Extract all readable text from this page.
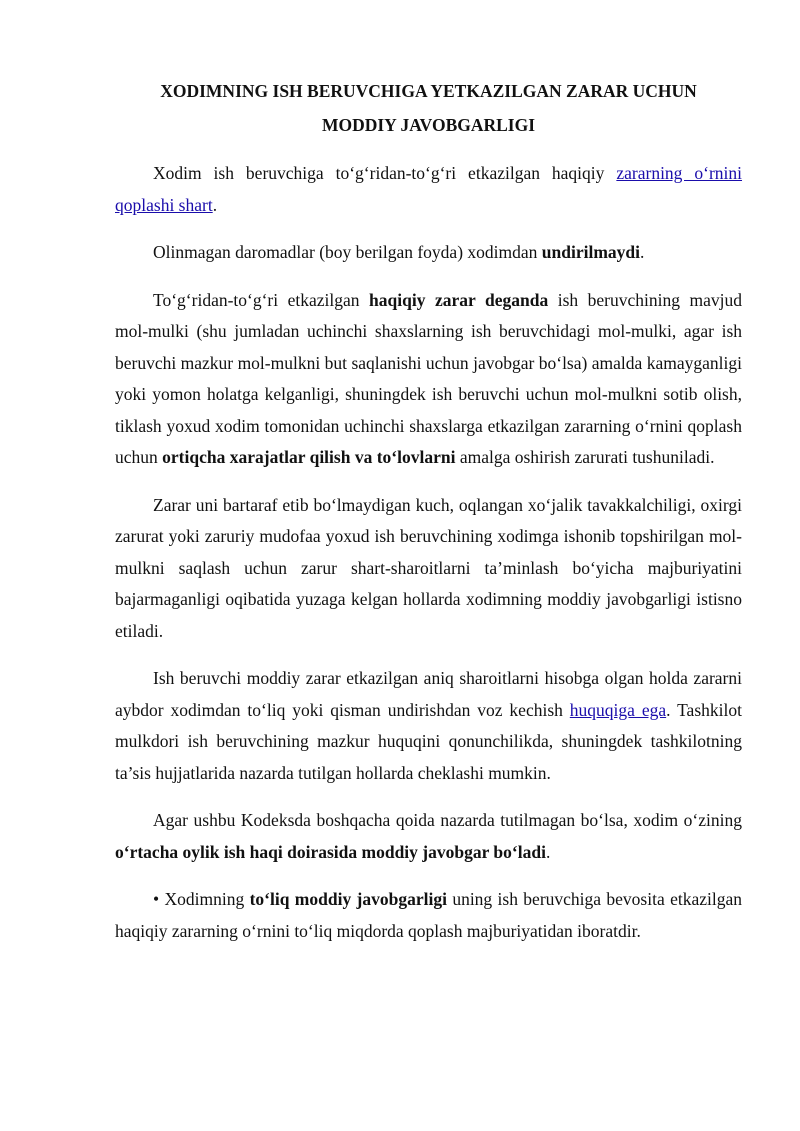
XODIMNING ISH BERUVCHIGA YETKAZILGAN ZARAR UCHUN
MODDIY JAVOBGARLIGI

Xodim ish beruvchiga to‘g‘ridan-to‘g‘ri etkazilgan haqiqiy zararning o‘rnini qoplashi shart.

Olinmagan daromadlar (boy berilgan foyda) xodimdan undirilmaydi.

To‘g‘ridan-to‘g‘ri etkazilgan haqiqiy zarar deganda ish beruvchining mavjud mol-mulki (shu jumladan uchinchi shaxslarning ish beruvchidagi mol-mulki, agar ish beruvchi mazkur mol-mulkni but saqlanishi uchun javobgar bo‘lsa) amalda kamayganligi yoki yomon holatga kelganligi, shuningdek ish beruvchi uchun mol-mulkni sotib olish, tiklash yoxud xodim tomonidan uchinchi shaxslarga etkazilgan zararning o‘rnini qoplash uchun ortiqcha xarajatlar qilish va to‘lovlarni amalga oshirish zarurati tushuniladi.

Zarar uni bartaraf etib bo‘lmaydigan kuch, oqlangan xo‘jalik tavakkalchiligi, oxirgi zarurat yoki zaruriy mudofaa yoxud ish beruvchining xodimga ishonib topshirilgan mol-mulkni saqlash uchun zarur shart-sharoitlarni ta’minlash bo‘yicha majburiyatini bajarmaganligi oqibatida yuzaga kelgan hollarda xodimning moddiy javobgarligi istisno etiladi.

Ish beruvchi moddiy zarar etkazilgan aniq sharoitlarni hisobga olgan holda zararni aybdor xodimdan to‘liq yoki qisman undirishdan voz kechish huquqiga ega. Tashkilot mulkdori ish beruvchining mazkur huquqini qonunchilikda, shuningdek tashkilotning ta’sis hujjatlarida nazarda tutilgan hollarda cheklashi mumkin.

Agar ushbu Kodeksda boshqacha qoida nazarda tutilmagan bo‘lsa, xodim o‘zining o‘rtacha oylik ish haqi doirasida moddiy javobgar bo‘ladi.

• Xodimning to‘liq moddiy javobgarligi uning ish beruvchiga bevosita etkazilgan haqiqiy zararning o‘rnini to‘liq miqdorda qoplash majburiyatidan iboratdir.
